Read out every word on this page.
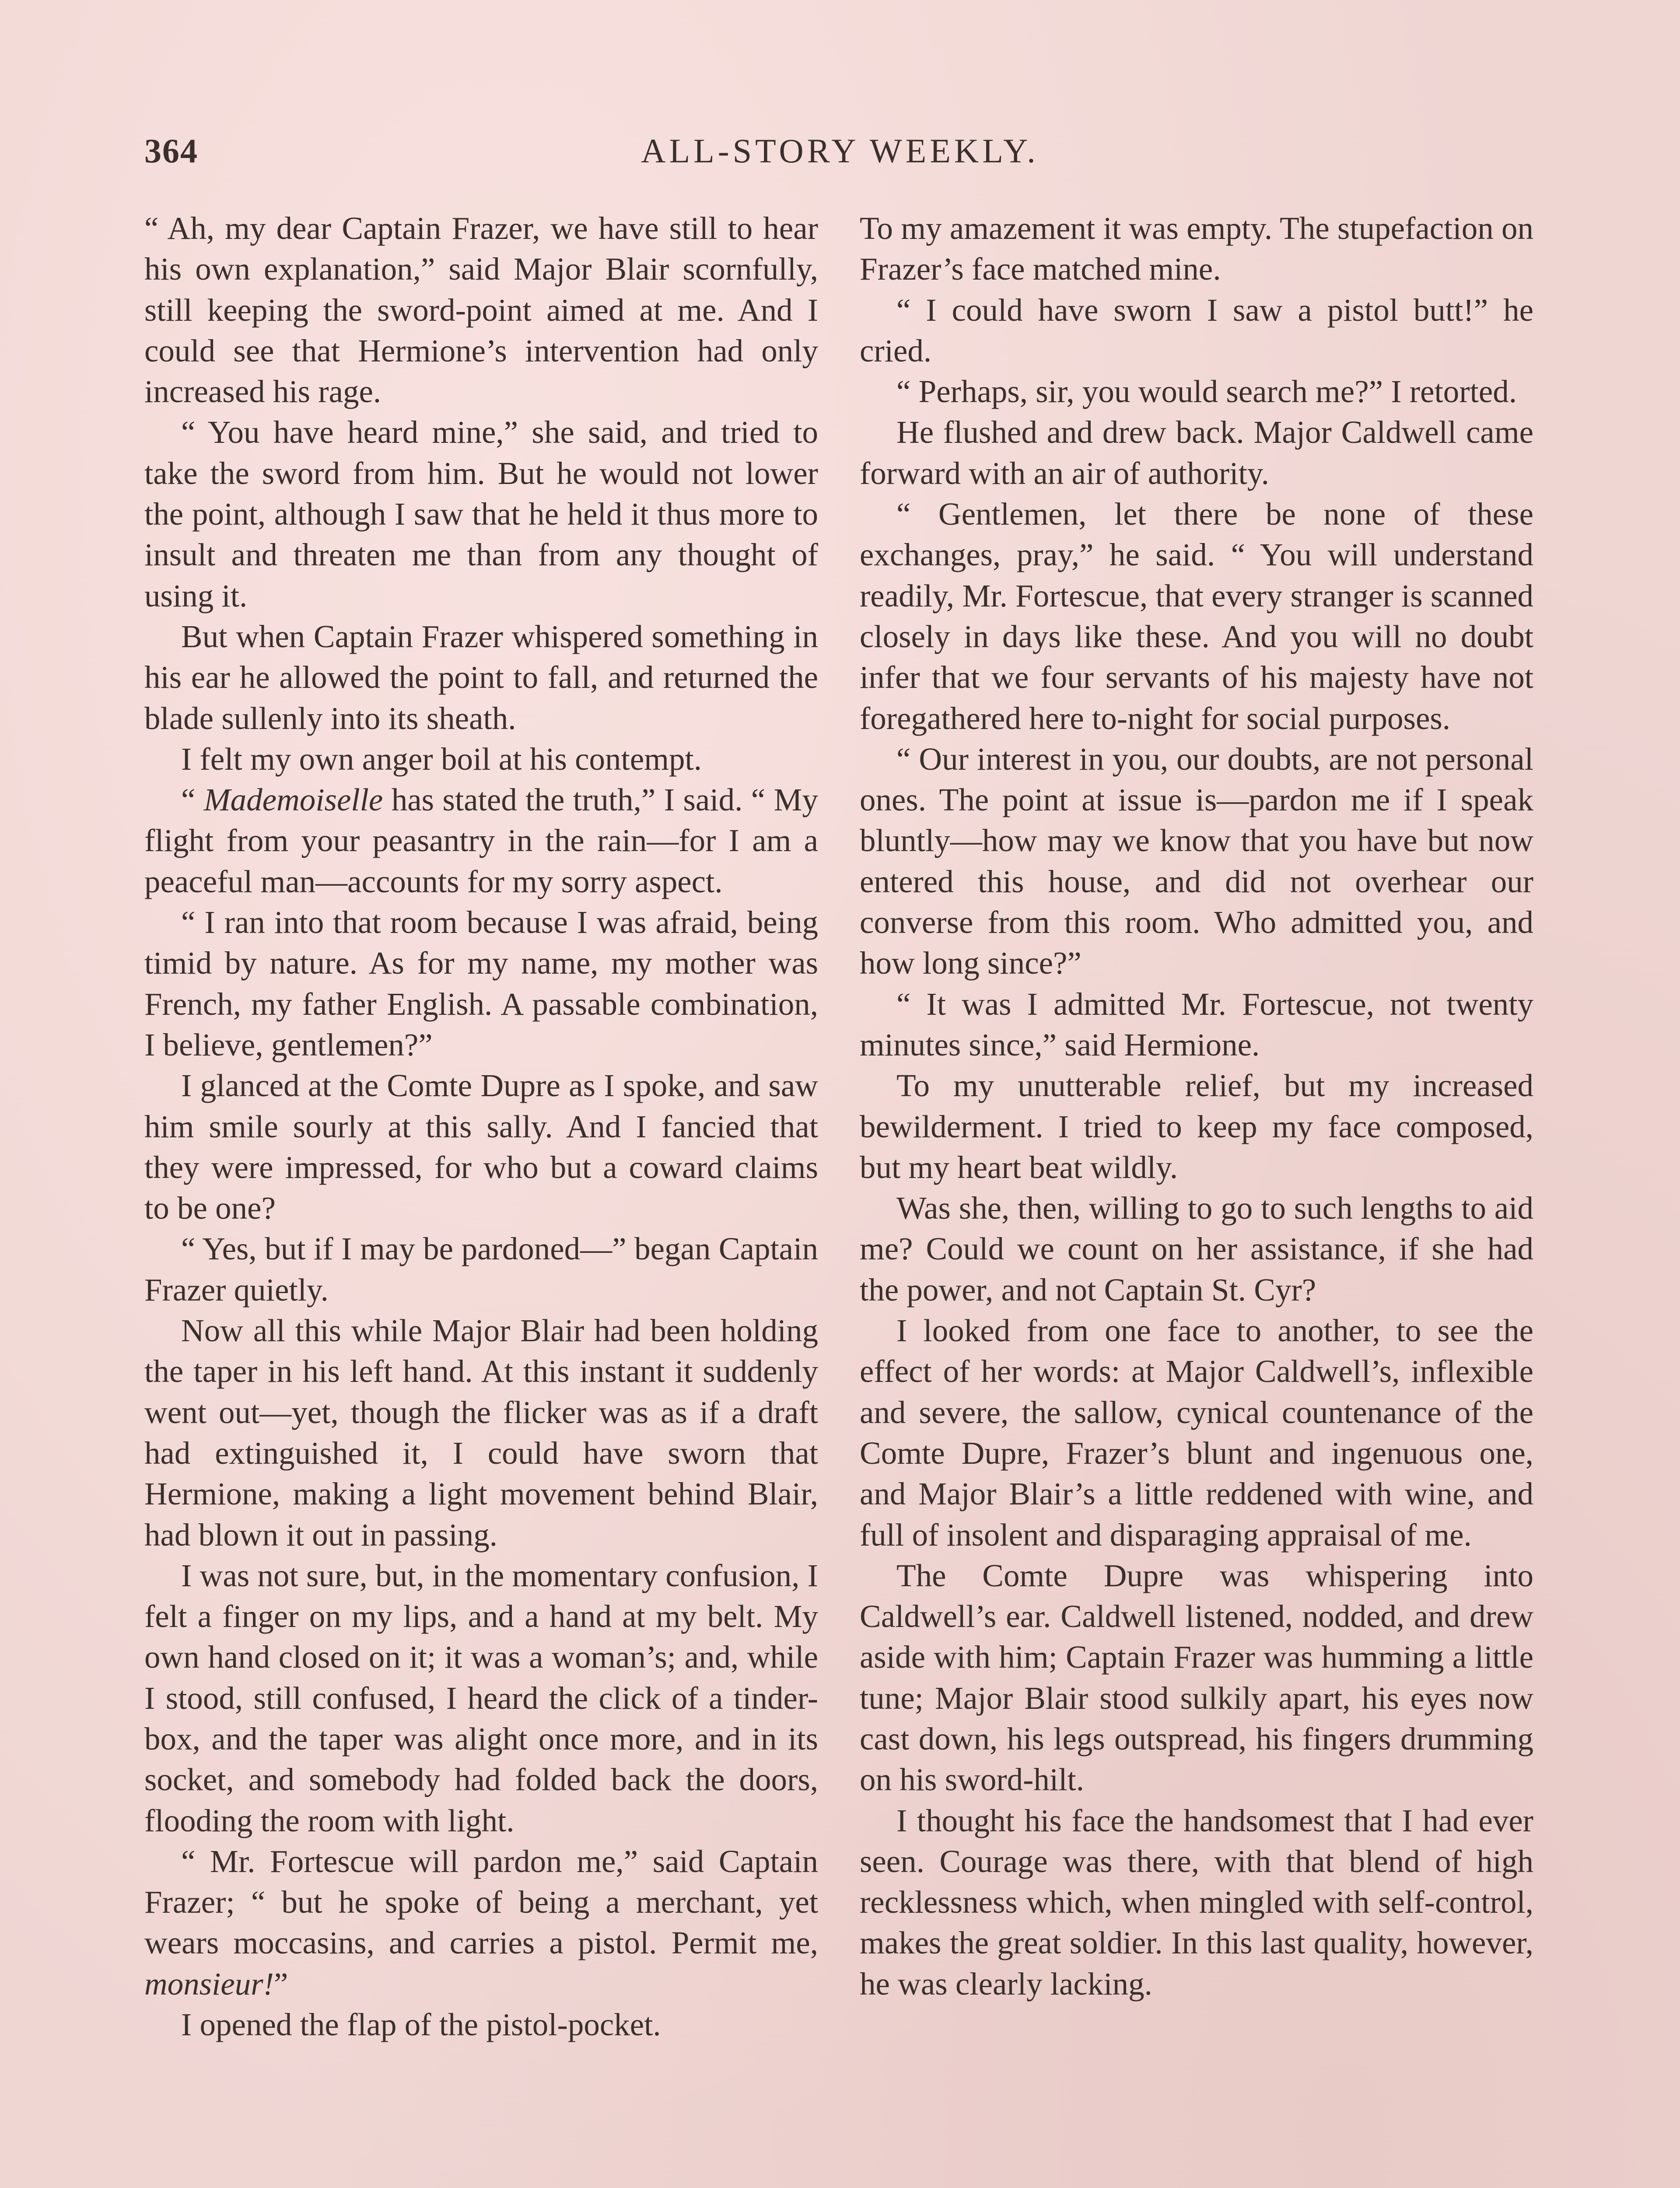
364	ALL-STORY WEEKLY.

“ Ah, my dear Captain Frazer, we have still to hear his own explanation,” said Major Blair scornfully, still keeping the sword-point aimed at me. And I could see that Hermione’s intervention had only increased his rage.

“ You have heard mine,” she said, and tried to take the sword from him. But he would not lower the point, although I saw that he held it thus more to insult and threaten me than from any thought of using it.

But when Captain Frazer whispered something in his ear he allowed the point to fall, and returned the blade sullenly into its sheath.

I felt my own anger boil at his contempt.

“ Mademoiselle has stated the truth,” I said. “ My flight from your peasantry in the rain—for I am a peaceful man—accounts for my sorry aspect.

“ I ran into that room because I was afraid, being timid by nature. As for my name, my mother was French, my father English. A passable combination, I believe, gentlemen?”

I glanced at the Comte Dupre as I spoke, and saw him smile sourly at this sally. And I fancied that they were impressed, for who but a coward claims to be one?

“ Yes, but if I may be pardoned—” began Captain Frazer quietly.

Now all this while Major Blair had been holding the taper in his left hand. At this instant it suddenly went out—yet, though the flicker was as if a draft had extinguished it, I could have sworn that Hermione, making a light movement behind Blair, had blown it out in passing.

I was not sure, but, in the momentary confusion, I felt a finger on my lips, and a hand at my belt. My own hand closed on it; it was a woman’s; and, while I stood, still confused, I heard the click of a tinder-box, and the taper was alight once more, and in its socket, and somebody had folded back the doors, flooding the room with light.

“ Mr. Fortescue will pardon me,” said Captain Frazer; “ but he spoke of being a merchant, yet wears moccasins, and carries a pistol. Permit me, monsieur!”

I opened the flap of the pistol-pocket.

To my amazement it was empty. The stupefaction on Frazer’s face matched mine.

“ I could have sworn I saw a pistol butt!” he cried.

“ Perhaps, sir, you would search me?” I retorted.

He flushed and drew back. Major Caldwell came forward with an air of authority.

“ Gentlemen, let there be none of these exchanges, pray,” he said. “ You will understand readily, Mr. Fortescue, that every stranger is scanned closely in days like these. And you will no doubt infer that we four servants of his majesty have not foregathered here to-night for social purposes.

“ Our interest in you, our doubts, are not personal ones. The point at issue is—pardon me if I speak bluntly—how may we know that you have but now entered this house, and did not overhear our converse from this room. Who admitted you, and how long since?”

“ It was I admitted Mr. Fortescue, not twenty minutes since,” said Hermione.

To my unutterable relief, but my increased bewilderment. I tried to keep my face composed, but my heart beat wildly.

Was she, then, willing to go to such lengths to aid me? Could we count on her assistance, if she had the power, and not Captain St. Cyr?

I looked from one face to another, to see the effect of her words: at Major Caldwell’s, inflexible and severe, the sallow, cynical countenance of the Comte Dupre, Frazer’s blunt and ingenuous one, and Major Blair’s a little reddened with wine, and full of insolent and disparaging appraisal of me.

The Comte Dupre was whispering into Caldwell’s ear. Caldwell listened, nodded, and drew aside with him; Captain Frazer was humming a little tune; Major Blair stood sulkily apart, his eyes now cast down, his legs outspread, his fingers drumming on his sword-hilt.

I thought his face the handsomest that I had ever seen. Courage was there, with that blend of high recklessness which, when mingled with self-control, makes the great soldier. In this last quality, however, he was clearly lacking.
